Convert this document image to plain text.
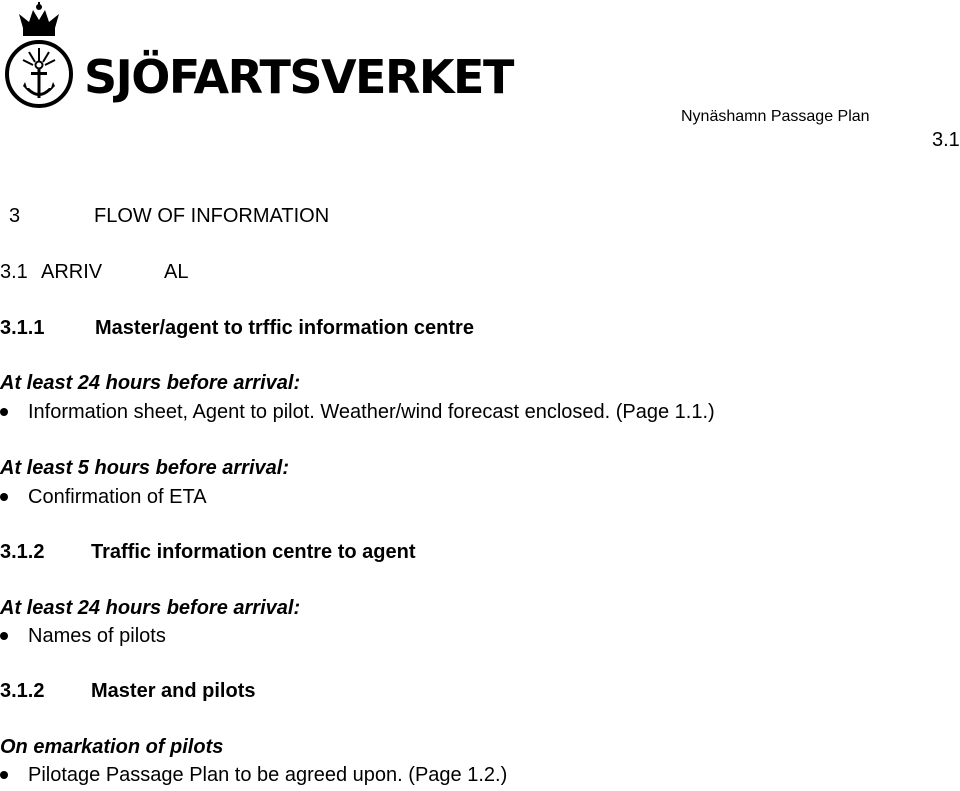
SJÖFARTSVERKET
Nynäshamn Passage Plan
3.1
3	FLOW OF INFORMATION
3.1 ARRIV	AL
3.1.1	Master/agent to trffic information centre
At least 24 hours before arrival:
Information sheet, Agent to pilot. Weather/wind forecast enclosed. (Page 1.1.)
At least 5 hours before arrival:
Confirmation of ETA
3.1.2 Traffic information centre to agent
At least 24 hours before arrival:
Names of pilots
3.1.2 Master and pilots
On emarkation of pilots
Pilotage Passage Plan to be agreed upon. (Page 1.2.)
